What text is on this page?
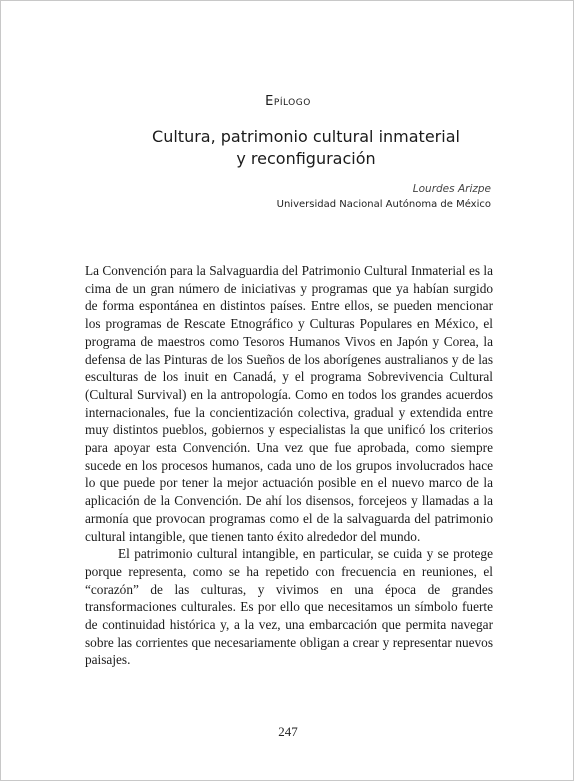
Epílogo
Cultura, patrimonio cultural inmaterial
y reconfiguración
Lourdes Arizpe
Universidad Nacional Autónoma de México

La Convención para la Salvaguardia del Patrimonio Cultural Inmaterial es la cima de un gran número de iniciativas y programas que ya habían surgido de forma espontánea en distintos países. Entre ellos, se pueden mencionar los programas de Rescate Etnográfico y Culturas Populares en México, el programa de maestros como Tesoros Humanos Vivos en Japón y Corea, la defensa de las Pinturas de los Sueños de los aborígenes australianos y de las esculturas de los inuit en Canadá, y el programa Sobrevivencia Cultural (Cultural Survival) en la antropología. Como en todos los grandes acuerdos internacionales, fue la concientización colectiva, gradual y extendida entre muy distintos pueblos, gobiernos y especialistas la que unificó los criterios para apoyar esta Convención. Una vez que fue aprobada, como siempre sucede en los procesos humanos, cada uno de los grupos involucrados hace lo que puede por tener la mejor actuación posible en el nuevo marco de la aplicación de la Convención. De ahí los disensos, forcejeos y llamadas a la armonía que provocan programas como el de la salvaguarda del patrimonio cultural intangible, que tienen tanto éxito alrededor del mundo.

El patrimonio cultural intangible, en particular, se cuida y se protege porque representa, como se ha repetido con frecuencia en reuniones, el “corazón” de las culturas, y vivimos en una época de grandes transformaciones culturales. Es por ello que necesitamos un símbolo fuerte de continuidad histórica y, a la vez, una embarcación que permita navegar sobre las corrientes que necesariamente obligan a crear y representar nuevos paisajes.

247
